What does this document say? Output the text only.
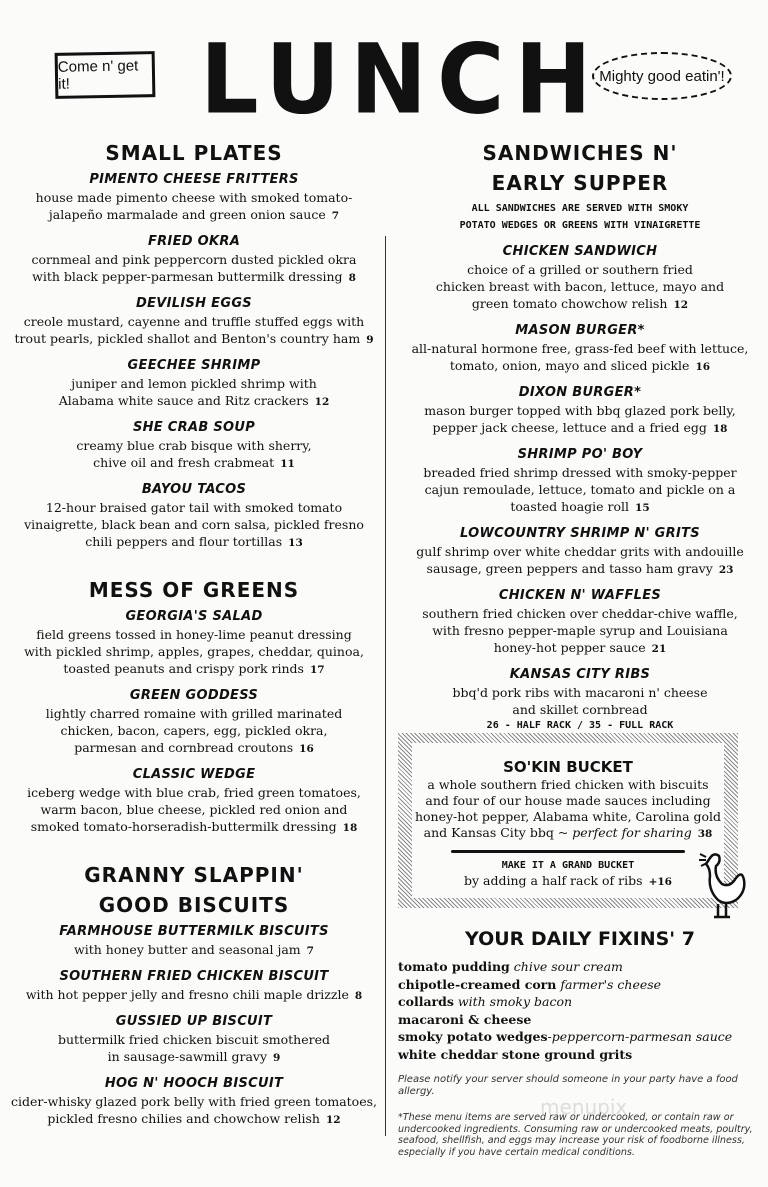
Come n' get it!	LUNCH
Mighty good eatin'!
SMALL PLATES
PIMENTO CHEESE FRITTERS
house made pimento cheese with smoked tomato-
jalapeño marmalade and green onion sauce 7
FRIED OKRA
cornmeal and pink peppercorn dusted pickled okra
with black pepper-parmesan buttermilk dressing 8
DEVILISH EGGS
creole mustard, cayenne and truffle stuffed eggs with
trout pearls, pickled shallot and Benton's country ham 9
GEECHEE SHRIMP
juniper and lemon pickled shrimp with
Alabama white sauce and Ritz crackers 12
SHE CRAB SOUP
creamy blue crab bisque with sherry,
chive oil and fresh crabmeat 11
BAYOU TACOS
12-hour braised gator tail with smoked tomato
vinaigrette, black bean and corn salsa, pickled fresno
chili peppers and flour tortillas 13
MESS OF GREENS
GEORGIA'S SALAD
field greens tossed in honey-lime peanut dressing
with pickled shrimp, apples, grapes, cheddar, quinoa,
toasted peanuts and crispy pork rinds 17
GREEN GODDESS
lightly charred romaine with grilled marinated
chicken, bacon, capers, egg, pickled okra,
parmesan and cornbread croutons 16
CLASSIC WEDGE
iceberg wedge with blue crab, fried green tomatoes,
warm bacon, blue cheese, pickled red onion and
smoked tomato-horseradish-buttermilk dressing 18
GRANNY SLAPPIN'
GOOD BISCUITS
FARMHOUSE BUTTERMILK BISCUITS
with honey butter and seasonal jam 7
SOUTHERN FRIED CHICKEN BISCUIT
with hot pepper jelly and fresno chili maple drizzle 8
GUSSIED UP BISCUIT
buttermilk fried chicken biscuit smothered
in sausage-sawmill gravy 9
HOG N' HOOCH BISCUIT
cider-whisky glazed pork belly with fried green tomatoes,
pickled fresno chilies and chowchow relish 12
SANDWICHES N'
EARLY SUPPER
ALL SANDWICHES ARE SERVED WITH SMOKY
POTATO WEDGES OR GREENS WITH VINAIGRETTE
CHICKEN SANDWICH
choice of a grilled or southern fried
chicken breast with bacon, lettuce, mayo and
green tomato chowchow relish 12
MASON BURGER*
all-natural hormone free, grass-fed beef with lettuce,
tomato, onion, mayo and sliced pickle 16
DIXON BURGER*
mason burger topped with bbq glazed pork belly,
pepper jack cheese, lettuce and a fried egg 18
SHRIMP PO' BOY
breaded fried shrimp dressed with smoky-pepper
cajun remoulade, lettuce, tomato and pickle on a
toasted hoagie roll 15
LOWCOUNTRY SHRIMP N' GRITS
gulf shrimp over white cheddar grits with andouille
sausage, green peppers and tasso ham gravy 23
CHICKEN N' WAFFLES
southern fried chicken over cheddar-chive waffle,
with fresno pepper-maple syrup and Louisiana
honey-hot pepper sauce 21
KANSAS CITY RIBS
bbq'd pork ribs with macaroni n' cheese
and skillet cornbread
26 - HALF RACK / 35 - FULL RACK
SO'KIN BUCKET
a whole southern fried chicken with biscuits
and four of our house made sauces including
honey-hot pepper, Alabama white, Carolina gold
and Kansas City bbq ~ perfect for sharing 38
MAKE IT A GRAND BUCKET
by adding a half rack of ribs +16
YOUR DAILY FIXINS' 7
tomato pudding chive sour cream
chipotle-creamed corn farmer's cheese
collards with smoky bacon
macaroni & cheese
smoky potato wedges-peppercorn-parmesan sauce
white cheddar stone ground grits
Please notify your server should someone in your party have a food allergy.
menupix
*These menu items are served raw or undercooked, or contain raw or undercooked ingredients. Consuming raw or undercooked meats, poultry, seafood, shellfish, and eggs may increase your risk of foodborne illness, especially if you have certain medical conditions.
